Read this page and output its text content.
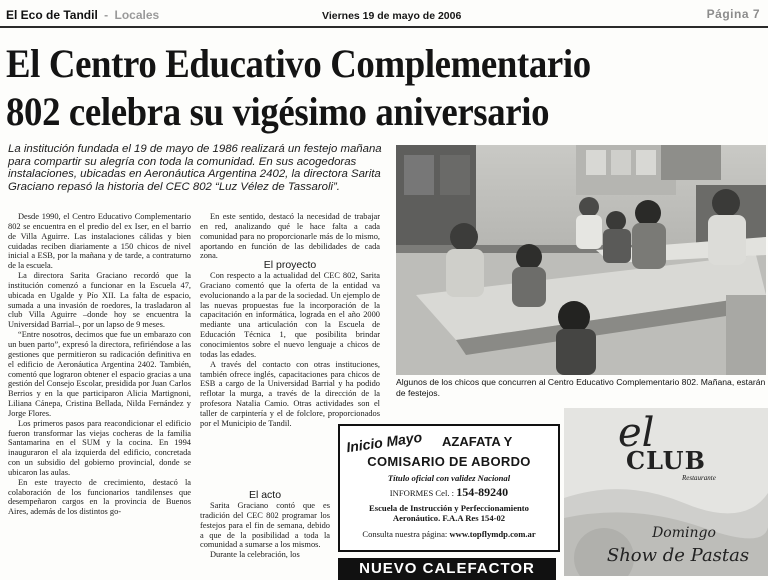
El Eco de Tandil - Locales	Viernes 19 de mayo de 2006	Página 7
El Centro Educativo Complementario
802 celebra su vigésimo aniversario
La institución fundada el 19 de mayo de 1986 realizará un festejo mañana para compartir su alegría con toda la comunidad. En sus acogedoras instalaciones, ubicadas en Aeronáutica Argentina 2402, la directora Sarita Graciano repasó la historia del CEC 802 “Luz Vélez de Tassaroli”.

Desde 1990, el Centro Educativo Complementario 802 se encuentra en el predio del ex Iser, en el barrio de Villa Aguirre. Las instalaciones cálidas y bien cuidadas reciben diariamente a 150 chicos de nivel inicial a ESB, por la mañana y de tarde, a contraturno de la escuela.

La directora Sarita Graciano recordó que la institución comenzó a funcionar en la Escuela 47, ubicada en Ugalde y Pío XII. La falta de espacio, sumada a una invasión de roedores, la trasladaron al club Villa Aguirre –donde hoy se encuentra la Universidad Barrial–, por un lapso de 9 meses.

“Entre nosotros, decimos que fue un embarazo con un buen parto”, expresó la directora, refiriéndose a las gestiones que permitieron su radicación definitiva en el edificio de Aeronáutica Argentina 2402. También, comentó que lograron obtener el espacio gracias a una gestión del Consejo Escolar, presidida por Juan Carlos Berrios y en la que participaron Alicia Martignoni, Liliana Cánepa, Cristina Bellada, Nilda Fernández y Jorge Flores.

Los primeros pasos para reacondicionar el edificio fueron transformar las viejas cocheras de la familia Santamarina en el SUM y la cocina. En 1994 inauguraron el ala izquierda del edificio, concretada con un subsidio del gobierno provincial, donde se ubicaron las aulas.

En este trayecto de crecimiento, destacó la colaboración de los funcionarios tandilenses que desempeñaron cargos en la provincia de Buenos Aires, además de los distintos go-

En este sentido, destacó la necesidad de trabajar en red, analizando qué le hace falta a cada comunidad para no proporcionarle más de lo mismo, aportando en función de las debilidades de cada zona.

El proyecto

Con respecto a la actualidad del CEC 802, Sarita Graciano comentó que la oferta de la entidad va evolucionando a la par de la sociedad. Un ejemplo de las nuevas propuestas fue la incorporación de la capacitación en informática, lograda en el año 2000 mediante una articulación con la Escuela de Educación Técnica 1, que posibilita brindar conocimientos sobre el nuevo lenguaje a chicos de todas las edades.

A través del contacto con otras instituciones, también ofrece inglés, capacitaciones para chicos de ESB a cargo de la Universidad Barrial y ha podido reflotar la murga, a través de la dirección de la profesora Natalia Camio. Otras actividades son el taller de carpintería y el de folclore, proporcionados por el Municipio de Tandil.

El acto

Sarita Graciano contó que es tradición del CEC 802 programar los festejos para el fin de semana, debido a que de la posibilidad a toda la comunidad a sumarse a los mismos.

Durante la celebración, los

Algunos de los chicos que concurren al Centro Educativo Complementario 802. Mañana, estarán de festejos.
Inicio Mayo AZAFATA Y
COMISARIO DE ABORDO
Título oficial con validez Nacional
INFORMES Cel. : 154-89240
Escuela de Instrucción y Perfeccionamiento
Aeronáutico. F.A.A Res 154-02
Consulta nuestra página: www.topflymdp.com.ar
NUEVO CALEFACTOR
el
CLUB
Restaurante
Domingo
Show de Pastas
